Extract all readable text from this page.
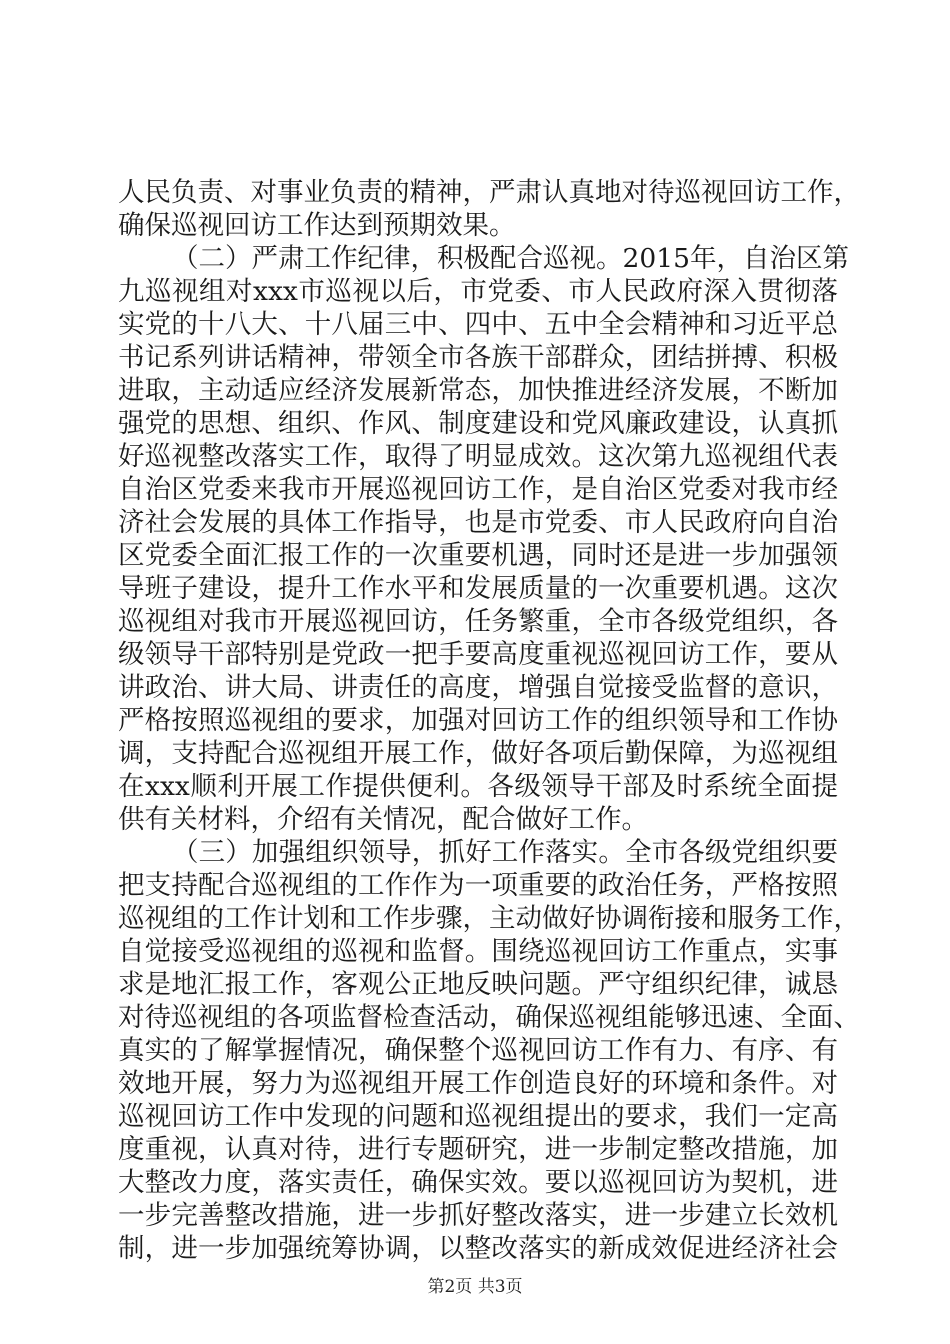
人民负责、对事业负责的精神，严肃认真地对待巡视回访工作，
确保巡视回访工作达到预期效果。
（二）严肃工作纪律，积极配合巡视。2015年，自治区第
九巡视组对xxx市巡视以后，市党委、市人民政府深入贯彻落
实党的十八大、十八届三中、四中、五中全会精神和习近平总
书记系列讲话精神，带领全市各族干部群众，团结拼搏、积极
进取，主动适应经济发展新常态，加快推进经济发展，不断加
强党的思想、组织、作风、制度建设和党风廉政建设，认真抓
好巡视整改落实工作，取得了明显成效。这次第九巡视组代表
自治区党委来我市开展巡视回访工作，是自治区党委对我市经
济社会发展的具体工作指导，也是市党委、市人民政府向自治
区党委全面汇报工作的一次重要机遇，同时还是进一步加强领
导班子建设，提升工作水平和发展质量的一次重要机遇。这次
巡视组对我市开展巡视回访，任务繁重，全市各级党组织，各
级领导干部特别是党政一把手要高度重视巡视回访工作，要从
讲政治、讲大局、讲责任的高度，增强自觉接受监督的意识，
严格按照巡视组的要求，加强对回访工作的组织领导和工作协
调，支持配合巡视组开展工作，做好各项后勤保障，为巡视组
在xxx顺利开展工作提供便利。各级领导干部及时系统全面提
供有关材料，介绍有关情况，配合做好工作。
（三）加强组织领导，抓好工作落实。全市各级党组织要
把支持配合巡视组的工作作为一项重要的政治任务，严格按照
巡视组的工作计划和工作步骤，主动做好协调衔接和服务工作，
自觉接受巡视组的巡视和监督。围绕巡视回访工作重点，实事
求是地汇报工作，客观公正地反映问题。严守组织纪律，诚恳
对待巡视组的各项监督检查活动，确保巡视组能够迅速、全面、
真实的了解掌握情况，确保整个巡视回访工作有力、有序、有
效地开展，努力为巡视组开展工作创造良好的环境和条件。对
巡视回访工作中发现的问题和巡视组提出的要求，我们一定高
度重视，认真对待，进行专题研究，进一步制定整改措施，加
大整改力度，落实责任，确保实效。要以巡视回访为契机，进
一步完善整改措施，进一步抓好整改落实，进一步建立长效机
制，进一步加强统筹协调，以整改落实的新成效促进经济社会
第2页 共3页
